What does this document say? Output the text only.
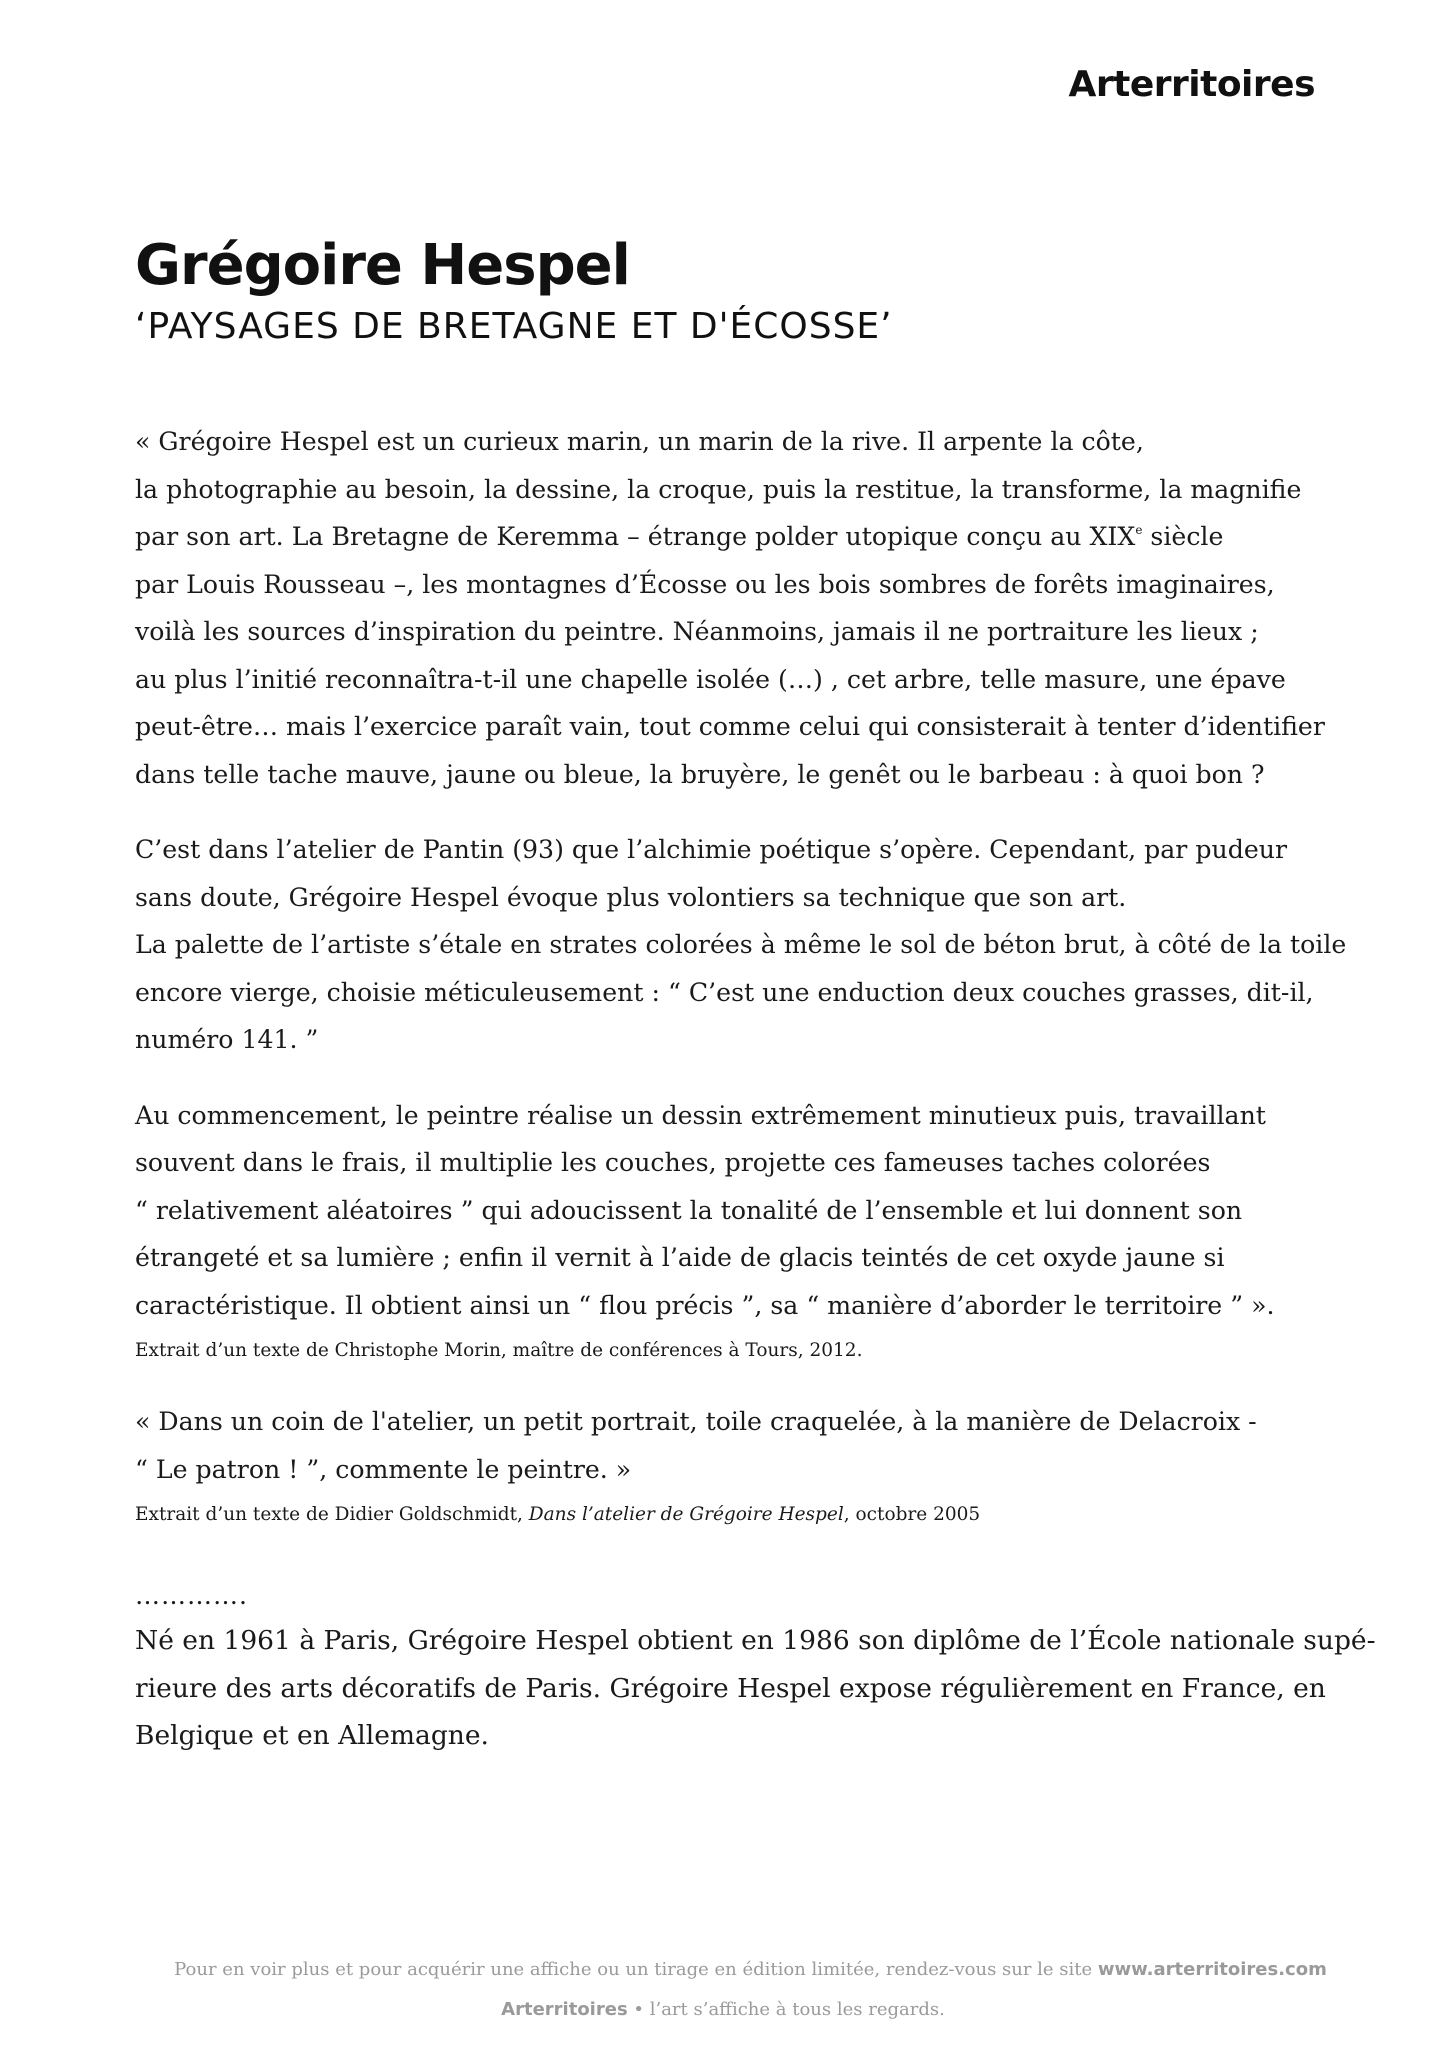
Arterritoires
Grégoire Hespel
‘PAYSAGES DE BRETAGNE ET D'ÉCOSSE’

« Grégoire Hespel est un curieux marin, un marin de la rive. Il arpente la côte,
la photographie au besoin, la dessine, la croque, puis la restitue, la transforme, la magnifie
par son art. La Bretagne de Keremma – étrange polder utopique conçu au XIXe siècle
par Louis Rousseau –, les montagnes d’Écosse ou les bois sombres de forêts imaginaires,
voilà les sources d’inspiration du peintre. Néanmoins, jamais il ne portraiture les lieux ;
au plus l’initié reconnaîtra-t-il une chapelle isolée (…) , cet arbre, telle masure, une épave
peut-être… mais l’exercice paraît vain, tout comme celui qui consisterait à tenter d’identifier
dans telle tache mauve, jaune ou bleue, la bruyère, le genêt ou le barbeau : à quoi bon ?

C’est dans l’atelier de Pantin (93) que l’alchimie poétique s’opère. Cependant, par pudeur
sans doute, Grégoire Hespel évoque plus volontiers sa technique que son art.
La palette de l’artiste s’étale en strates colorées à même le sol de béton brut, à côté de la toile
encore vierge, choisie méticuleusement : “ C’est une enduction deux couches grasses, dit-il,
numéro 141. ”

Au commencement, le peintre réalise un dessin extrêmement minutieux puis, travaillant
souvent dans le frais, il multiplie les couches, projette ces fameuses taches colorées
“ relativement aléatoires ” qui adoucissent la tonalité de l’ensemble et lui donnent son
étrangeté et sa lumière ; enfin il vernit à l’aide de glacis teintés de cet oxyde jaune si
caractéristique. Il obtient ainsi un “ flou précis ”, sa “ manière d’aborder le territoire ” ».

Extrait d’un texte de Christophe Morin, maître de conférences à Tours, 2012.

« Dans un coin de l'atelier, un petit portrait, toile craquelée, à la manière de Delacroix -
“ Le patron ! ”, commente le peintre. »

Extrait d’un texte de Didier Goldschmidt, Dans l’atelier de Grégoire Hespel, octobre 2005

………….

Né en 1961 à Paris, Grégoire Hespel obtient en 1986 son diplôme de l’École nationale supé-
rieure des arts décoratifs de Paris. Grégoire Hespel expose régulièrement en France, en
Belgique et en Allemagne.

Pour en voir plus et pour acquérir une affiche ou un tirage en édition limitée, rendez-vous sur le site www.arterritoires.com
Arterritoires • l’art s’affiche à tous les regards.
